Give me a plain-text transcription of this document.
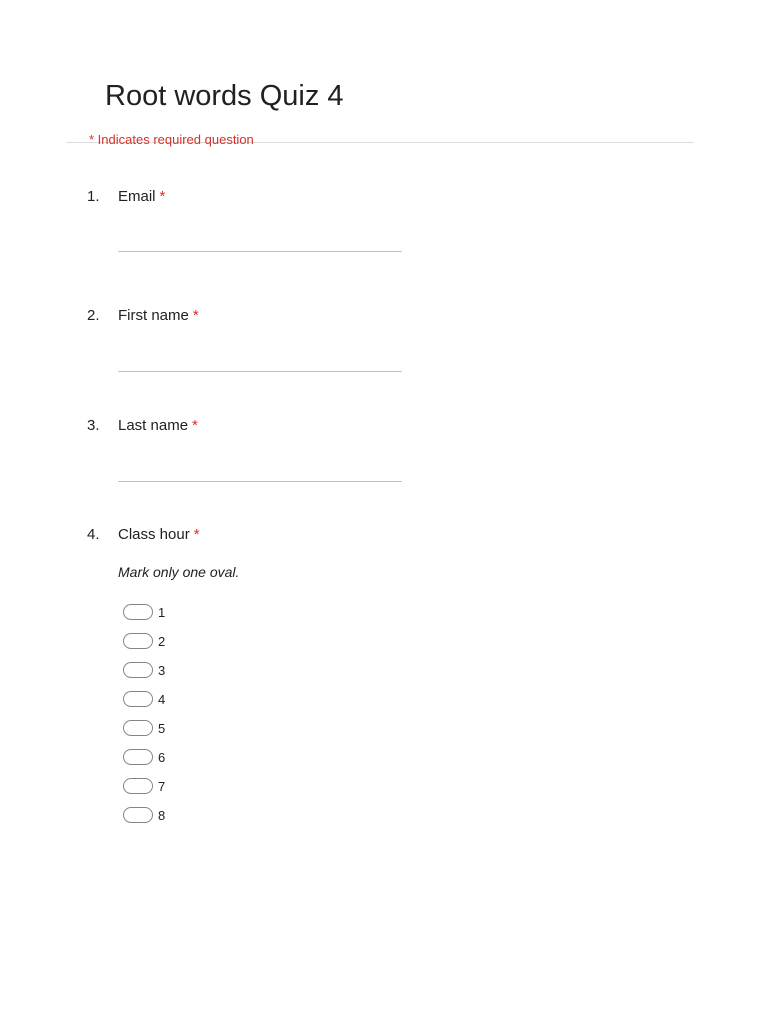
Root words Quiz 4
* Indicates required question
1. Email *
2. First name *
3. Last name *
4. Class hour *
Mark only one oval.
1
2
3
4
5
6
7
8
